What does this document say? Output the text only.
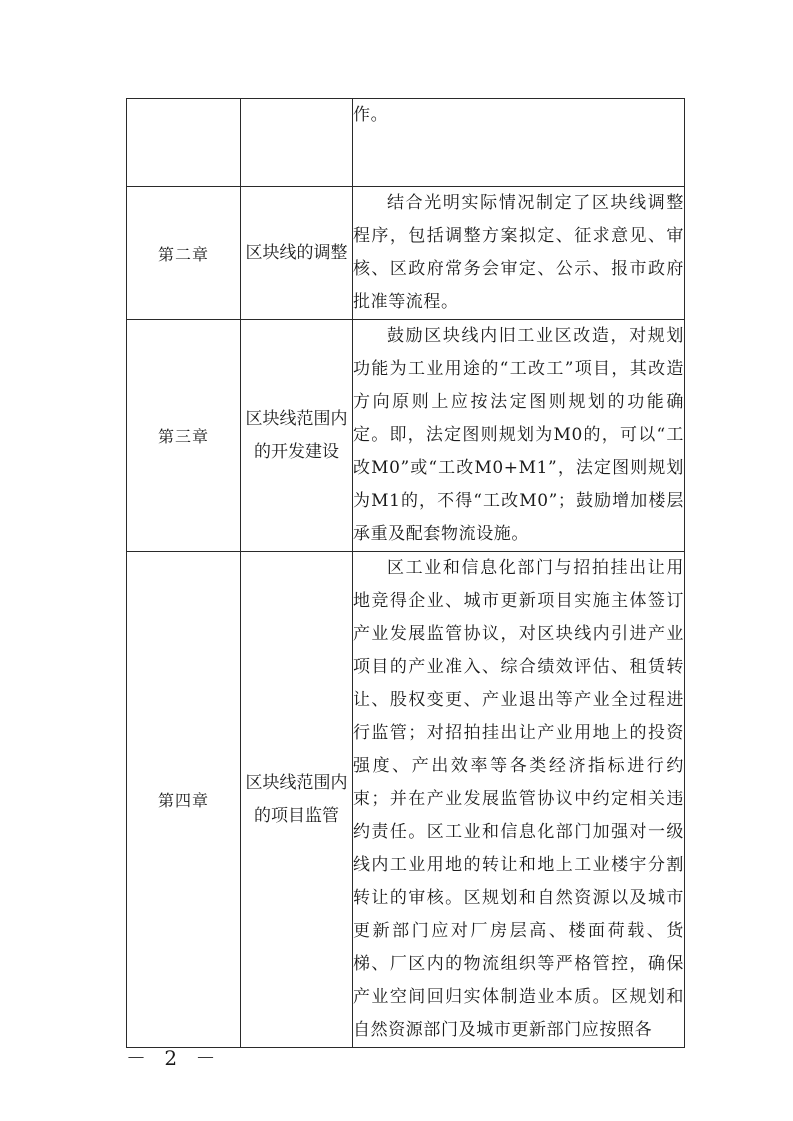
		作。

第二章	区块线的调整	结合光明实际情况制定了区块线调整程序，包括调整方案拟定、征求意见、审核、区政府常务会审定、公示、报市政府批准等流程。

第三章	区块线范围内的开发建设	鼓励区块线内旧工业区改造，对规划功能为工业用途的“工改工”项目，其改造方向原则上应按法定图则规划的功能确定。即，法定图则规划为M0的，可以“工改M0”或“工改M0+M1”，法定图则规划为M1的，不得“工改M0”；鼓励增加楼层承重及配套物流设施。

第四章	区块线范围内的项目监管	区工业和信息化部门与招拍挂出让用地竞得企业、城市更新项目实施主体签订产业发展监管协议，对区块线内引进产业项目的产业准入、综合绩效评估、租赁转让、股权变更、产业退出等产业全过程进行监管；对招拍挂出让产业用地上的投资强度、产出效率等各类经济指标进行约束；并在产业发展监管协议中约定相关违约责任。区工业和信息化部门加强对一级线内工业用地的转让和地上工业楼宇分割转让的审核。区规划和自然资源以及城市更新部门应对厂房层高、楼面荷载、货梯、厂区内的物流组织等严格管控，确保产业空间回归实体制造业本质。区规划和自然资源部门及城市更新部门应按照各

－ 2 －
